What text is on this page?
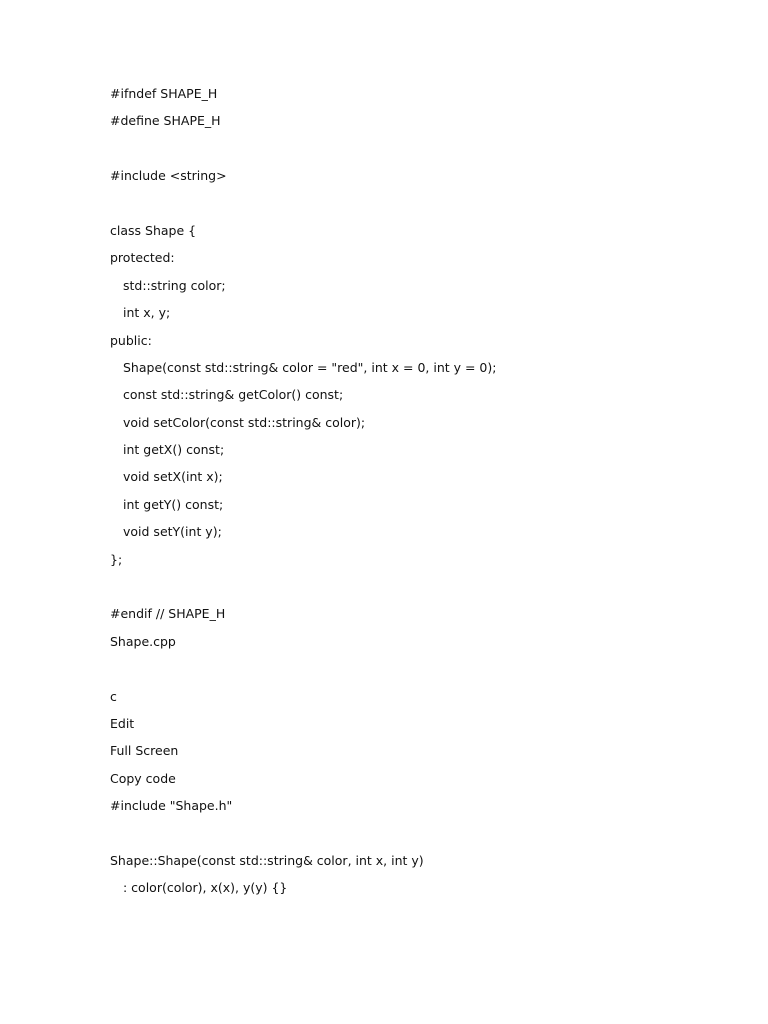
#ifndef SHAPE_H
#define SHAPE_H
#include <string>
class Shape {
protected:
std::string color;
int x, y;
public:
Shape(const std::string& color = "red", int x = 0, int y = 0);
const std::string& getColor() const;
void setColor(const std::string& color);
int getX() const;
void setX(int x);
int getY() const;
void setY(int y);
};
#endif // SHAPE_H
Shape.cpp
c
Edit
Full Screen
Copy code
#include "Shape.h"
Shape::Shape(const std::string& color, int x, int y)
: color(color), x(x), y(y) {}
